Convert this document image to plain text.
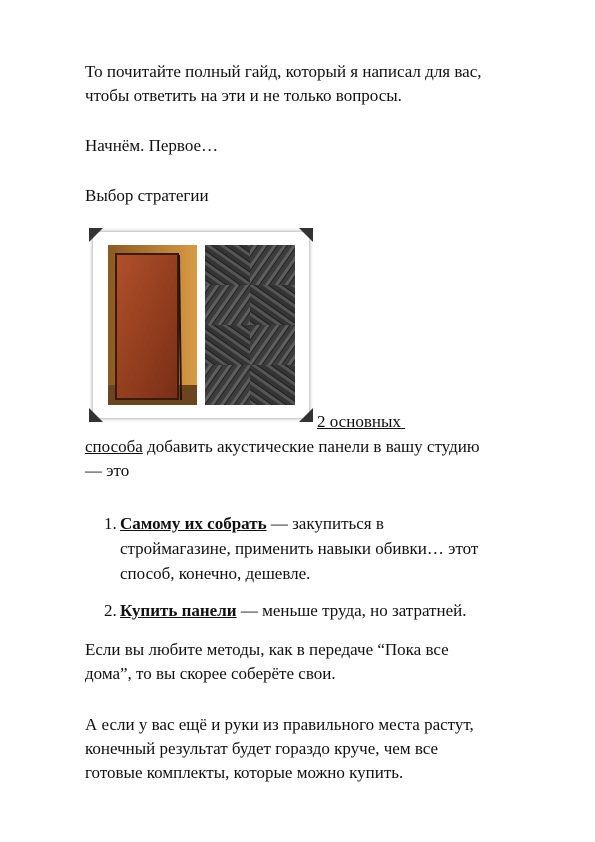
То почитайте полный гайд, который я написал для вас,
чтобы ответить на эти и не только вопросы.

Начнём. Первое…

Выбор стратегии

2 основных

способа добавить акустические панели в вашу студию
— это

1. Самому их собрать — закупиться в
строймагазине, применить навыки обивки… этот
способ, конечно, дешевле.
2. Купить панели — меньше труда, но затратней.

Если вы любите методы, как в передаче “Пока все
дома”, то вы скорее соберёте свои.

А если у вас ещё и руки из правильного места растут,
конечный результат будет гораздо круче, чем все
готовые комплекты, которые можно купить.
